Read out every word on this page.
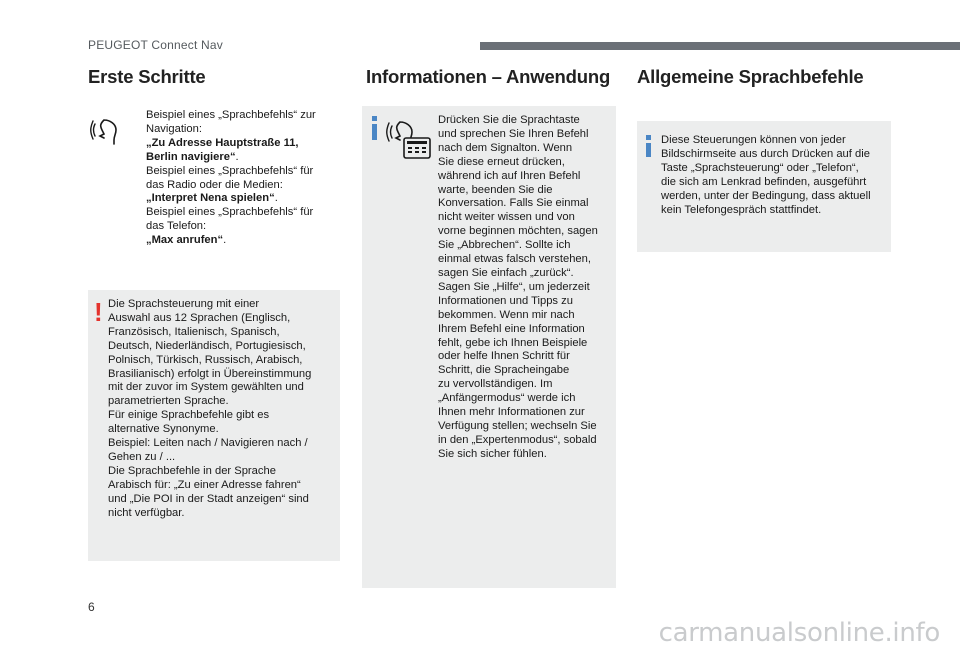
PEUGEOT Connect Nav
Erste Schritte
Beispiel eines „Sprachbefehls“ zur
Navigation:
„Zu Adresse Hauptstraße 11,
Berlin navigiere“.
Beispiel eines „Sprachbefehls“ für
das Radio oder die Medien:
„Interpret Nena spielen“.
Beispiel eines „Sprachbefehls“ für
das Telefon:
„Max anrufen“.
! Die Sprachsteuerung mit einer
Auswahl aus 12 Sprachen (Englisch,
Französisch, Italienisch, Spanisch,
Deutsch, Niederländisch, Portugiesisch,
Polnisch, Türkisch, Russisch, Arabisch,
Brasilianisch) erfolgt in Übereinstimmung
mit der zuvor im System gewählten und
parametrierten Sprache.
Für einige Sprachbefehle gibt es
alternative Synonyme.
Beispiel: Leiten nach / Navigieren nach /
Gehen zu / ...
Die Sprachbefehle in der Sprache
Arabisch für: „Zu einer Adresse fahren“
und „Die POI in der Stadt anzeigen“ sind
nicht verfügbar.
Informationen – Anwendung
Drücken Sie die Sprachtaste
und sprechen Sie Ihren Befehl
nach dem Signalton. Wenn
Sie diese erneut drücken,
während ich auf Ihren Befehl
warte, beenden Sie die
Konversation. Falls Sie einmal
nicht weiter wissen und von
vorne beginnen möchten, sagen
Sie „Abbrechen“. Sollte ich
einmal etwas falsch verstehen,
sagen Sie einfach „zurück“.
Sagen Sie „Hilfe“, um jederzeit
Informationen und Tipps zu
bekommen. Wenn mir nach
Ihrem Befehl eine Information
fehlt, gebe ich Ihnen Beispiele
oder helfe Ihnen Schritt für
Schritt, die Spracheingabe
zu vervollständigen. Im
„Anfängermodus“ werde ich
Ihnen mehr Informationen zur
Verfügung stellen; wechseln Sie
in den „Expertenmodus“, sobald
Sie sich sicher fühlen.
Allgemeine Sprachbefehle
Diese Steuerungen können von jeder
Bildschirmseite aus durch Drücken auf die
Taste „Sprachsteuerung“ oder „Telefon“,
die sich am Lenkrad befinden, ausgeführt
werden, unter der Bedingung, dass aktuell
kein Telefongespräch stattfindet.
6
carmanualsonline.info
